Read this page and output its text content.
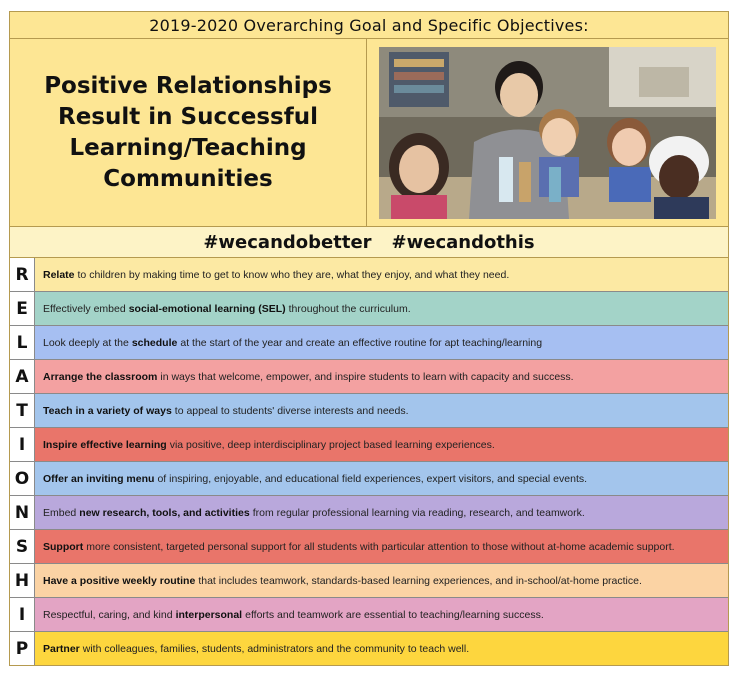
2019-2020 Overarching Goal and Specific Objectives:
Positive Relationships Result in Successful Learning/Teaching Communities
#wecandobetter #wecandothis
R	Relate to children by making time to get to know who they are, what they enjoy, and what they need.
E	Effectively embed social-emotional learning (SEL) throughout the curriculum.
L	Look deeply at the schedule at the start of the year and create an effective routine for apt teaching/learning
A	Arrange the classroom in ways that welcome, empower, and inspire students to learn with capacity and success.
T	Teach in a variety of ways to appeal to students' diverse interests and needs.
I	Inspire effective learning via positive, deep interdisciplinary project based learning experiences.
O	Offer an inviting menu of inspiring, enjoyable, and educational field experiences, expert visitors, and special events.
N	Embed new research, tools, and activities from regular professional learning via reading, research, and teamwork.
S	Support more consistent, targeted personal support for all students with particular attention to those without at-home academic support.
H	Have a positive weekly routine that includes teamwork, standards-based learning experiences, and in-school/at-home practice.
I	Respectful, caring, and kind interpersonal efforts and teamwork are essential to teaching/learning success.
P	Partner with colleagues, families, students, administrators and the community to teach well.
